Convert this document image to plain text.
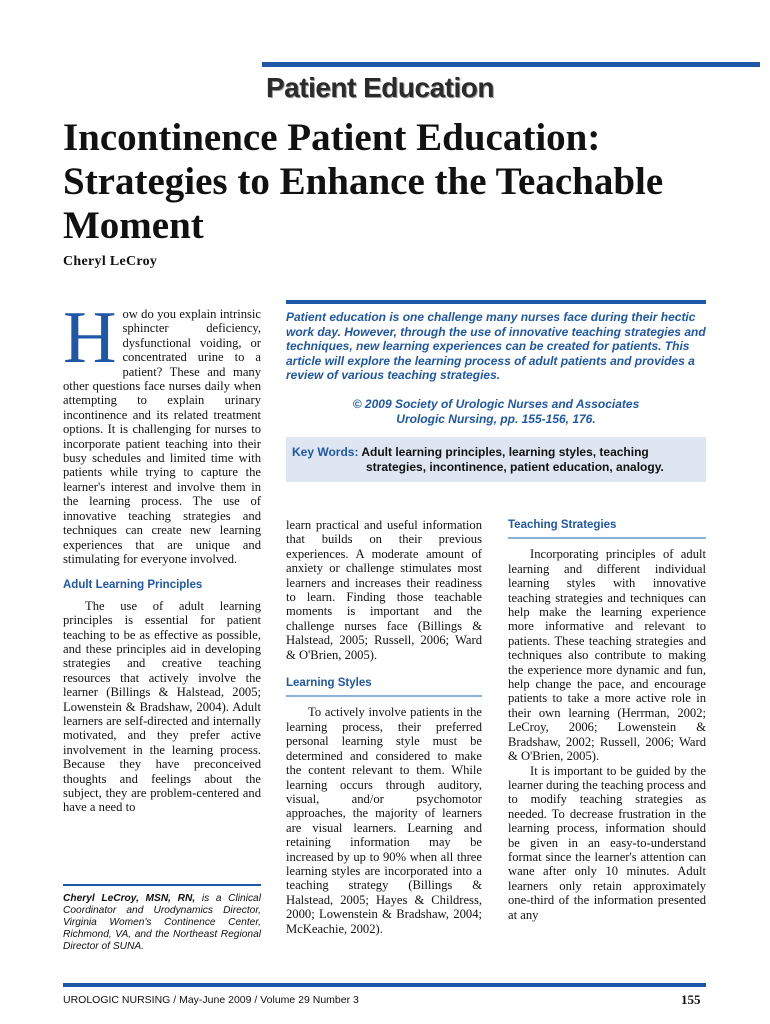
Patient Education
Incontinence Patient Education: Strategies to Enhance the Teachable Moment
Cheryl LeCroy

How do you explain intrinsic sphincter deficiency, dysfunctional voiding, or concentrated urine to a patient? These and many other questions face nurses daily when attempting to explain urinary incontinence and its related treatment options. It is challenging for nurses to incorporate patient teaching into their busy schedules and limited time with patients while trying to capture the learner's interest and involve them in the learning process. The use of innovative teaching strategies and techniques can create new learning experiences that are unique and stimulating for everyone involved.

Adult Learning Principles

The use of adult learning principles is essential for patient teaching to be as effective as possible, and these principles aid in developing strategies and creative teaching resources that actively involve the learner (Billings & Halstead, 2005; Lowenstein & Bradshaw, 2004). Adult learners are self-directed and internally motivated, and they prefer active involvement in the learning process. Because they have preconceived thoughts and feelings about the subject, they are problem-centered and have a need to

Patient education is one challenge many nurses face during their hectic work day. However, through the use of innovative teaching strategies and techniques, new learning experiences can be created for patients. This article will explore the learning process of adult patients and provides a review of various teaching strategies.

© 2009 Society of Urologic Nurses and Associates
Urologic Nursing, pp. 155-156, 176.
Key Words: Adult learning principles, learning styles, teaching
strategies, incontinence, patient education, analogy.

learn practical and useful information that builds on their previous experiences. A moderate amount of anxiety or challenge stimulates most learners and increases their readiness to learn. Finding those teachable moments is important and the challenge nurses face (Billings & Halstead, 2005; Russell, 2006; Ward & O'Brien, 2005).

Learning Styles

To actively involve patients in the learning process, their preferred personal learning style must be determined and considered to make the content relevant to them. While learning occurs through auditory, visual, and/or psychomotor approaches, the majority of learners are visual learners. Learning and retaining information may be increased by up to 90% when all three learning styles are incorporated into a teaching strategy (Billings & Halstead, 2005; Hayes & Childress, 2000; Lowenstein & Bradshaw, 2004; McKeachie, 2002).

Teaching Strategies

Incorporating principles of adult learning and different individual learning styles with innovative teaching strategies and techniques can help make the learning experience more informative and relevant to patients. These teaching strategies and techniques also contribute to making the experience more dynamic and fun, help change the pace, and encourage patients to take a more active role in their own learning (Herrman, 2002; LeCroy, 2006; Lowenstein & Bradshaw, 2002; Russell, 2006; Ward & O'Brien, 2005).

It is important to be guided by the learner during the teaching process and to modify teaching strategies as needed. To decrease frustration in the learning process, information should be given in an easy-to-understand format since the learner's attention can wane after only 10 minutes. Adult learners only retain approximately one-third of the information presented at any

Cheryl LeCroy, MSN, RN, is a Clinical Coordinator and Urodynamics Director, Virginia Women's Continence Center, Richmond, VA, and the Northeast Regional Director of SUNA.

UROLOGIC NURSING / May-June 2009 / Volume 29 Number 3	155
